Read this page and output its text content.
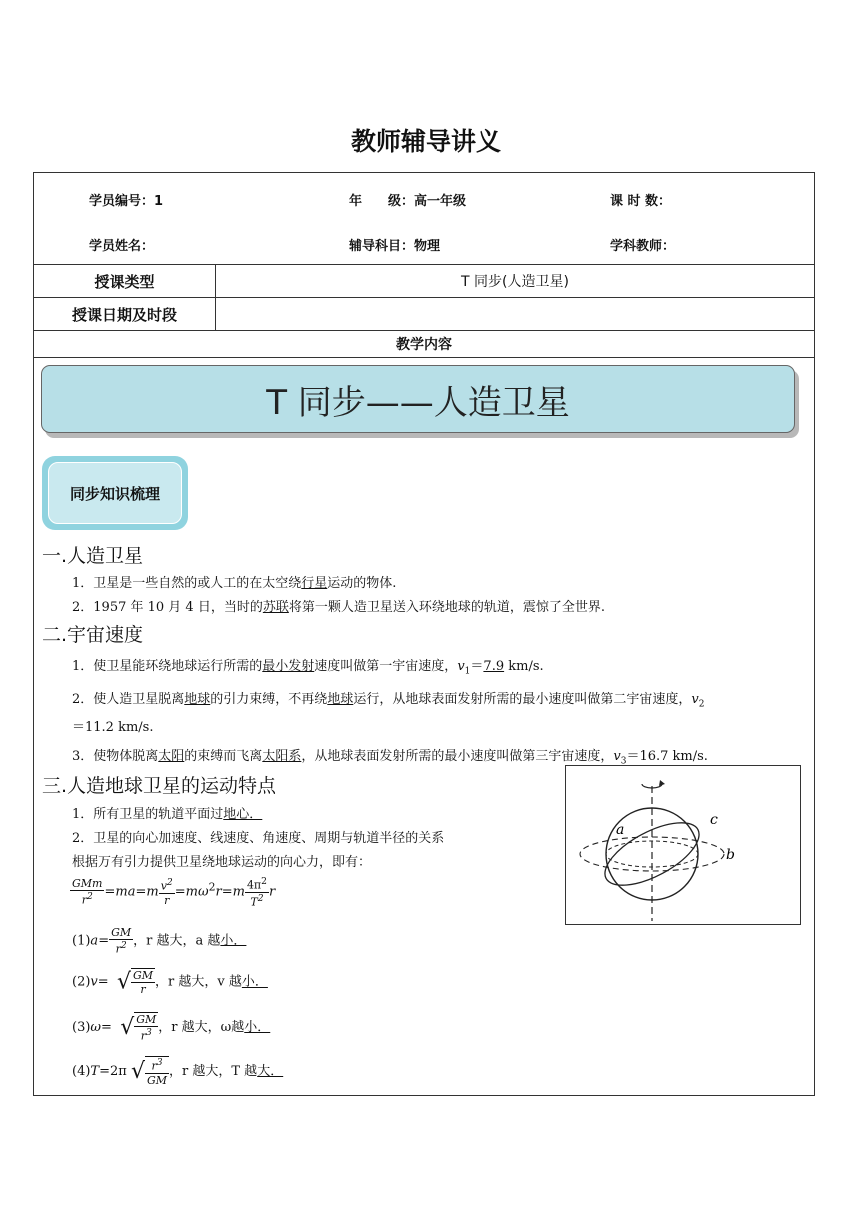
教师辅导讲义
学员编号：1	年　　级：高一年级	课 时 数：
学员姓名：	辅导科目：物理	学科教师：
授课类型	T 同步(人造卫星)
授课日期及时段
教学内容
T 同步——人造卫星
同步知识梳理
一.人造卫星
1．卫星是一些自然的或人工的在太空绕行星运动的物体.
2．1957 年 10 月 4 日，当时的苏联将第一颗人造卫星送入环绕地球的轨道，震惊了全世界.
二.宇宙速度
1．使卫星能环绕地球运行所需的最小发射速度叫做第一宇宙速度，$v_1=7.9$ km/s.
2．使人造卫星脱离地球的引力束缚，不再绕地球运行，从地球表面发射所需的最小速度叫做第二宇宙速度，$v_2$
＝11.2 km/s.
3．使物体脱离太阳的束缚而飞离太阳系，从地球表面发射所需的最小速度叫做第三宇宙速度，$v_3=16.7$ km/s.
三.人造地球卫星的运动特点
1．所有卫星的轨道平面过地心．
2．卫星的向心加速度、线速度、角速度、周期与轨道半径的关系
根据万有引力提供卫星绕地球运动的向心力，即有：
$\frac{\text{GMm}}{r^2} =ma=m \frac{v^2}{r} =m\omega^2r=m \frac{4\pi^2}{T^2}$ r
$(1)a= \frac{GM}{r^2}$ ，r 越大，a 越小．
(2)v=  √ $\frac{GM}{r}$ ，r 越大，v 越小．
(3)ω=  √ $\frac{GM}{r^3}$ ，r 越大，ω越小．
(4)T=2π √ $\frac{r^3}{GM}$ ，r 越大，T 越大．
a
b
c
